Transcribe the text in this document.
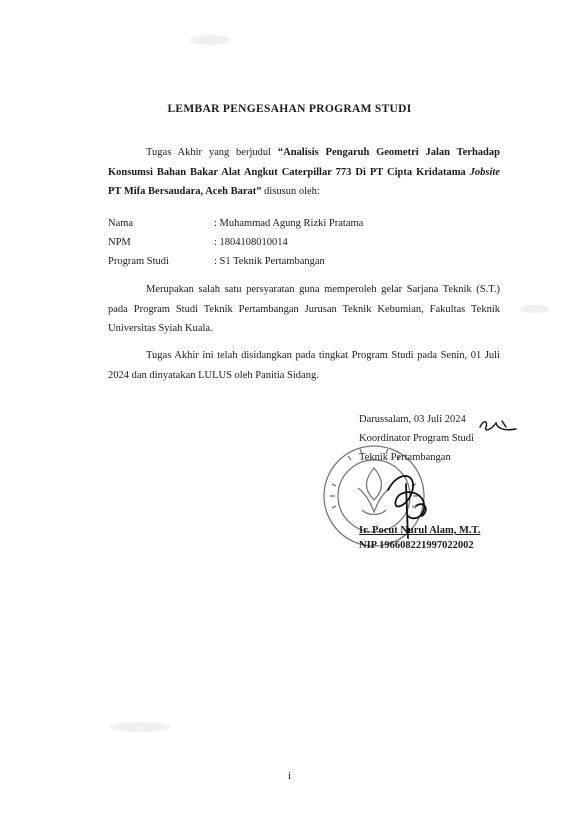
LEMBAR PENGESAHAN PROGRAM STUDI
Tugas Akhir yang berjudul “Analisis Pengaruh Geometri Jalan Terhadap Konsumsi Bahan Bakar Alat Angkut Caterpillar 773 Di PT Cipta Kridatama Jobsite PT Mifa Bersaudara, Aceh Barat” disusun oleh:
Nama	: Muhammad Agung Rizki Pratama
NPM	: 1804108010014
Program Studi	: S1 Teknik Pertambangan
Merupakan salah satu persyaratan guna memperoleh gelar Sarjana Teknik (S.T.) pada Program Studi Teknik Pertambangan Jurusan Teknik Kebumian, Fakultas Teknik Universitas Syiah Kuala.
Tugas Akhir ini telah disidangkan pada tingkat Program Studi pada Senin, 01 Juli 2024 dan dinyatakan LULUS oleh Panitia Sidang.
Darussalam, 03 Juli 2024
Koordinator Program Studi
Teknik Pertambangan
Ir. Pocut Nurul Alam, M.T.
NIP 196608221997022002
i
